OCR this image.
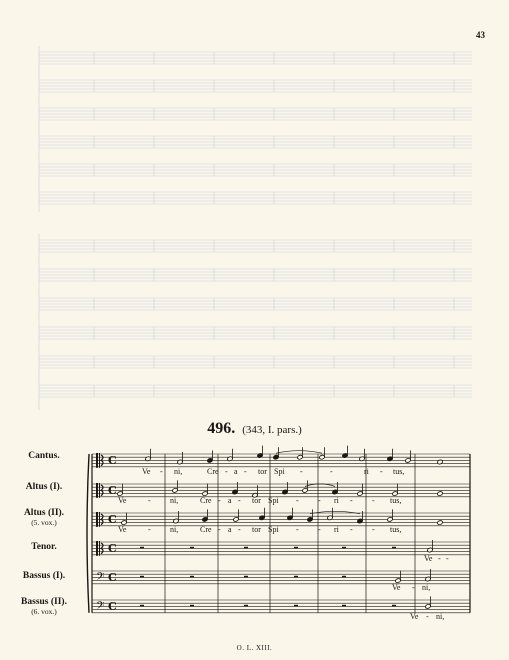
43
496. (343, I. pars.)
C
C
C
C
𝄢 C
𝄢 C
Cantus.
Altus (I).
Altus (II).
(5. vox.)
Tenor.
Bassus (I).
Bassus (II).
(6. vox.)
Ve - ni,	Cre - a - tor Spi -	-	ri - tus,
Ve	- ni,	Cre - a - tor Spi - - ri - - tus,
Ve	- ni,	Cre - a - tor Spi - - ri - - tus,
Ve - -
Ve - ni,
Ve - ni,
O. L. XIII.
